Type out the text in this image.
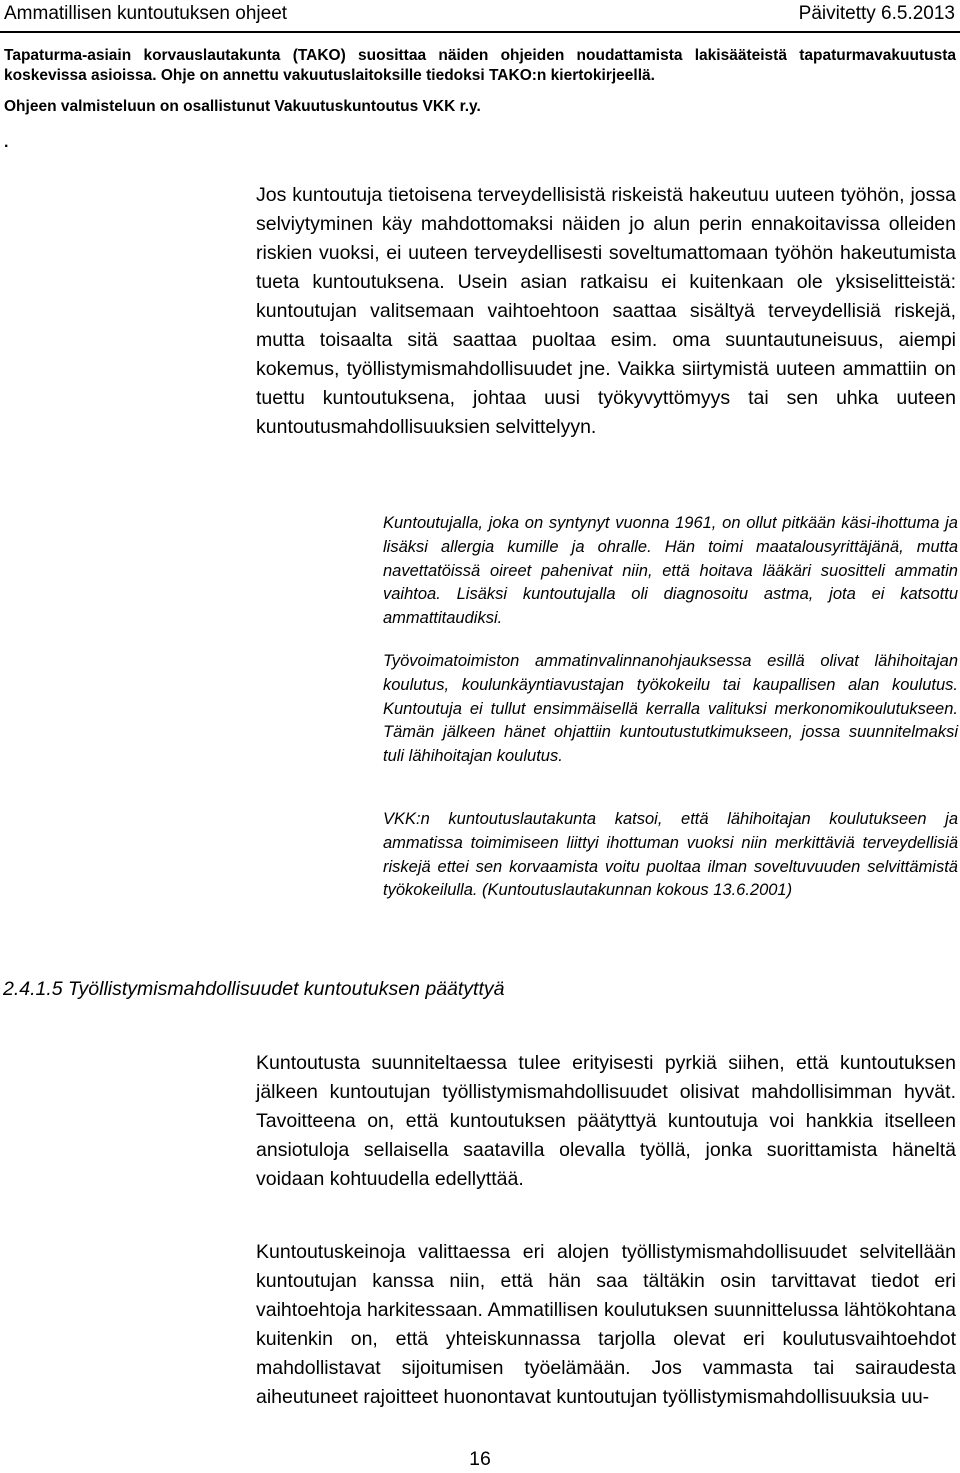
Ammatillisen kuntoutuksen ohjeet	Päivitetty 6.5.2013

Tapaturma-asiain korvauslautakunta (TAKO) suosittaa näiden ohjeiden noudattamista lakisääteistä tapaturmavakuutusta koskevissa asioissa. Ohje on annettu vakuutuslaitoksille tiedoksi TAKO:n kiertokirjeellä.

Ohjeen valmisteluun on osallistunut Vakuutuskuntoutus VKK r.y.

.

Jos kuntoutuja tietoisena terveydellisistä riskeistä hakeutuu uuteen työhön, jossa selviytyminen käy mahdottomaksi näiden jo alun perin ennakoitavissa olleiden riskien vuoksi, ei uuteen terveydellisesti soveltumattomaan työhön hakeutumista tueta kuntoutuksena. Usein asian ratkaisu ei kuitenkaan ole yksiselitteistä: kuntoutujan valitsemaan vaihtoehtoon saattaa sisältyä terveydellisiä riskejä, mutta toisaalta sitä saattaa puoltaa esim. oma suuntautuneisuus, aiempi kokemus, työllistymismahdollisuudet jne. Vaikka siirtymistä uuteen ammattiin on tuettu kuntoutuksena, johtaa uusi työkyvyttömyys tai sen uhka uuteen kuntoutusmahdollisuuksien selvittelyyn.

Kuntoutujalla, joka on syntynyt vuonna 1961, on ollut pitkään käsi-ihottuma ja lisäksi allergia kumille ja ohralle. Hän toimi maatalousyrittäjänä, mutta navettatöissä oireet pahenivat niin, että hoitava lääkäri suositteli ammatin vaihtoa. Lisäksi kuntoutujalla oli diagnosoitu astma, jota ei katsottu ammattitaudiksi.

Työvoimatoimiston ammatinvalinnanohjauksessa esillä olivat lähihoitajan koulutus, koulunkäyntiavustajan työkokeilu tai kaupallisen alan koulutus. Kuntoutuja ei tullut ensimmäisellä kerralla valituksi merkonomikoulutukseen. Tämän jälkeen hänet ohjattiin kuntoutustutkimukseen, jossa suunnitelmaksi tuli lähihoitajan koulutus.

VKK:n kuntoutuslautakunta katsoi, että lähihoitajan koulutukseen ja ammatissa toimimiseen liittyi ihottuman vuoksi niin merkittäviä terveydellisiä riskejä ettei sen korvaamista voitu puoltaa ilman soveltuvuuden selvittämistä työkokeilulla. (Kuntoutuslautakunnan kokous 13.6.2001)

2.4.1.5 Työllistymismahdollisuudet kuntoutuksen päätyttyä

Kuntoutusta suunniteltaessa tulee erityisesti pyrkiä siihen, että kuntoutuksen jälkeen kuntoutujan työllistymismahdollisuudet olisivat mahdollisimman hyvät. Tavoitteena on, että kuntoutuksen päätyttyä kuntoutuja voi hankkia itselleen ansiotuloja sellaisella saatavilla olevalla työllä, jonka suorittamista häneltä voidaan kohtuudella edellyttää.

Kuntoutuskeinoja valittaessa eri alojen työllistymismahdollisuudet selvitellään kuntoutujan kanssa niin, että hän saa tältäkin osin tarvittavat tiedot eri vaihtoehtoja harkitessaan. Ammatillisen koulutuksen suunnittelussa lähtökohtana kuitenkin on, että yhteiskunnassa tarjolla olevat eri koulutusvaihtoehdot mahdollistavat sijoitumisen työelämään. Jos vammasta tai sairaudesta aiheutuneet rajoitteet huonontavat kuntoutujan työllistymismahdollisuuksia uu-

16
